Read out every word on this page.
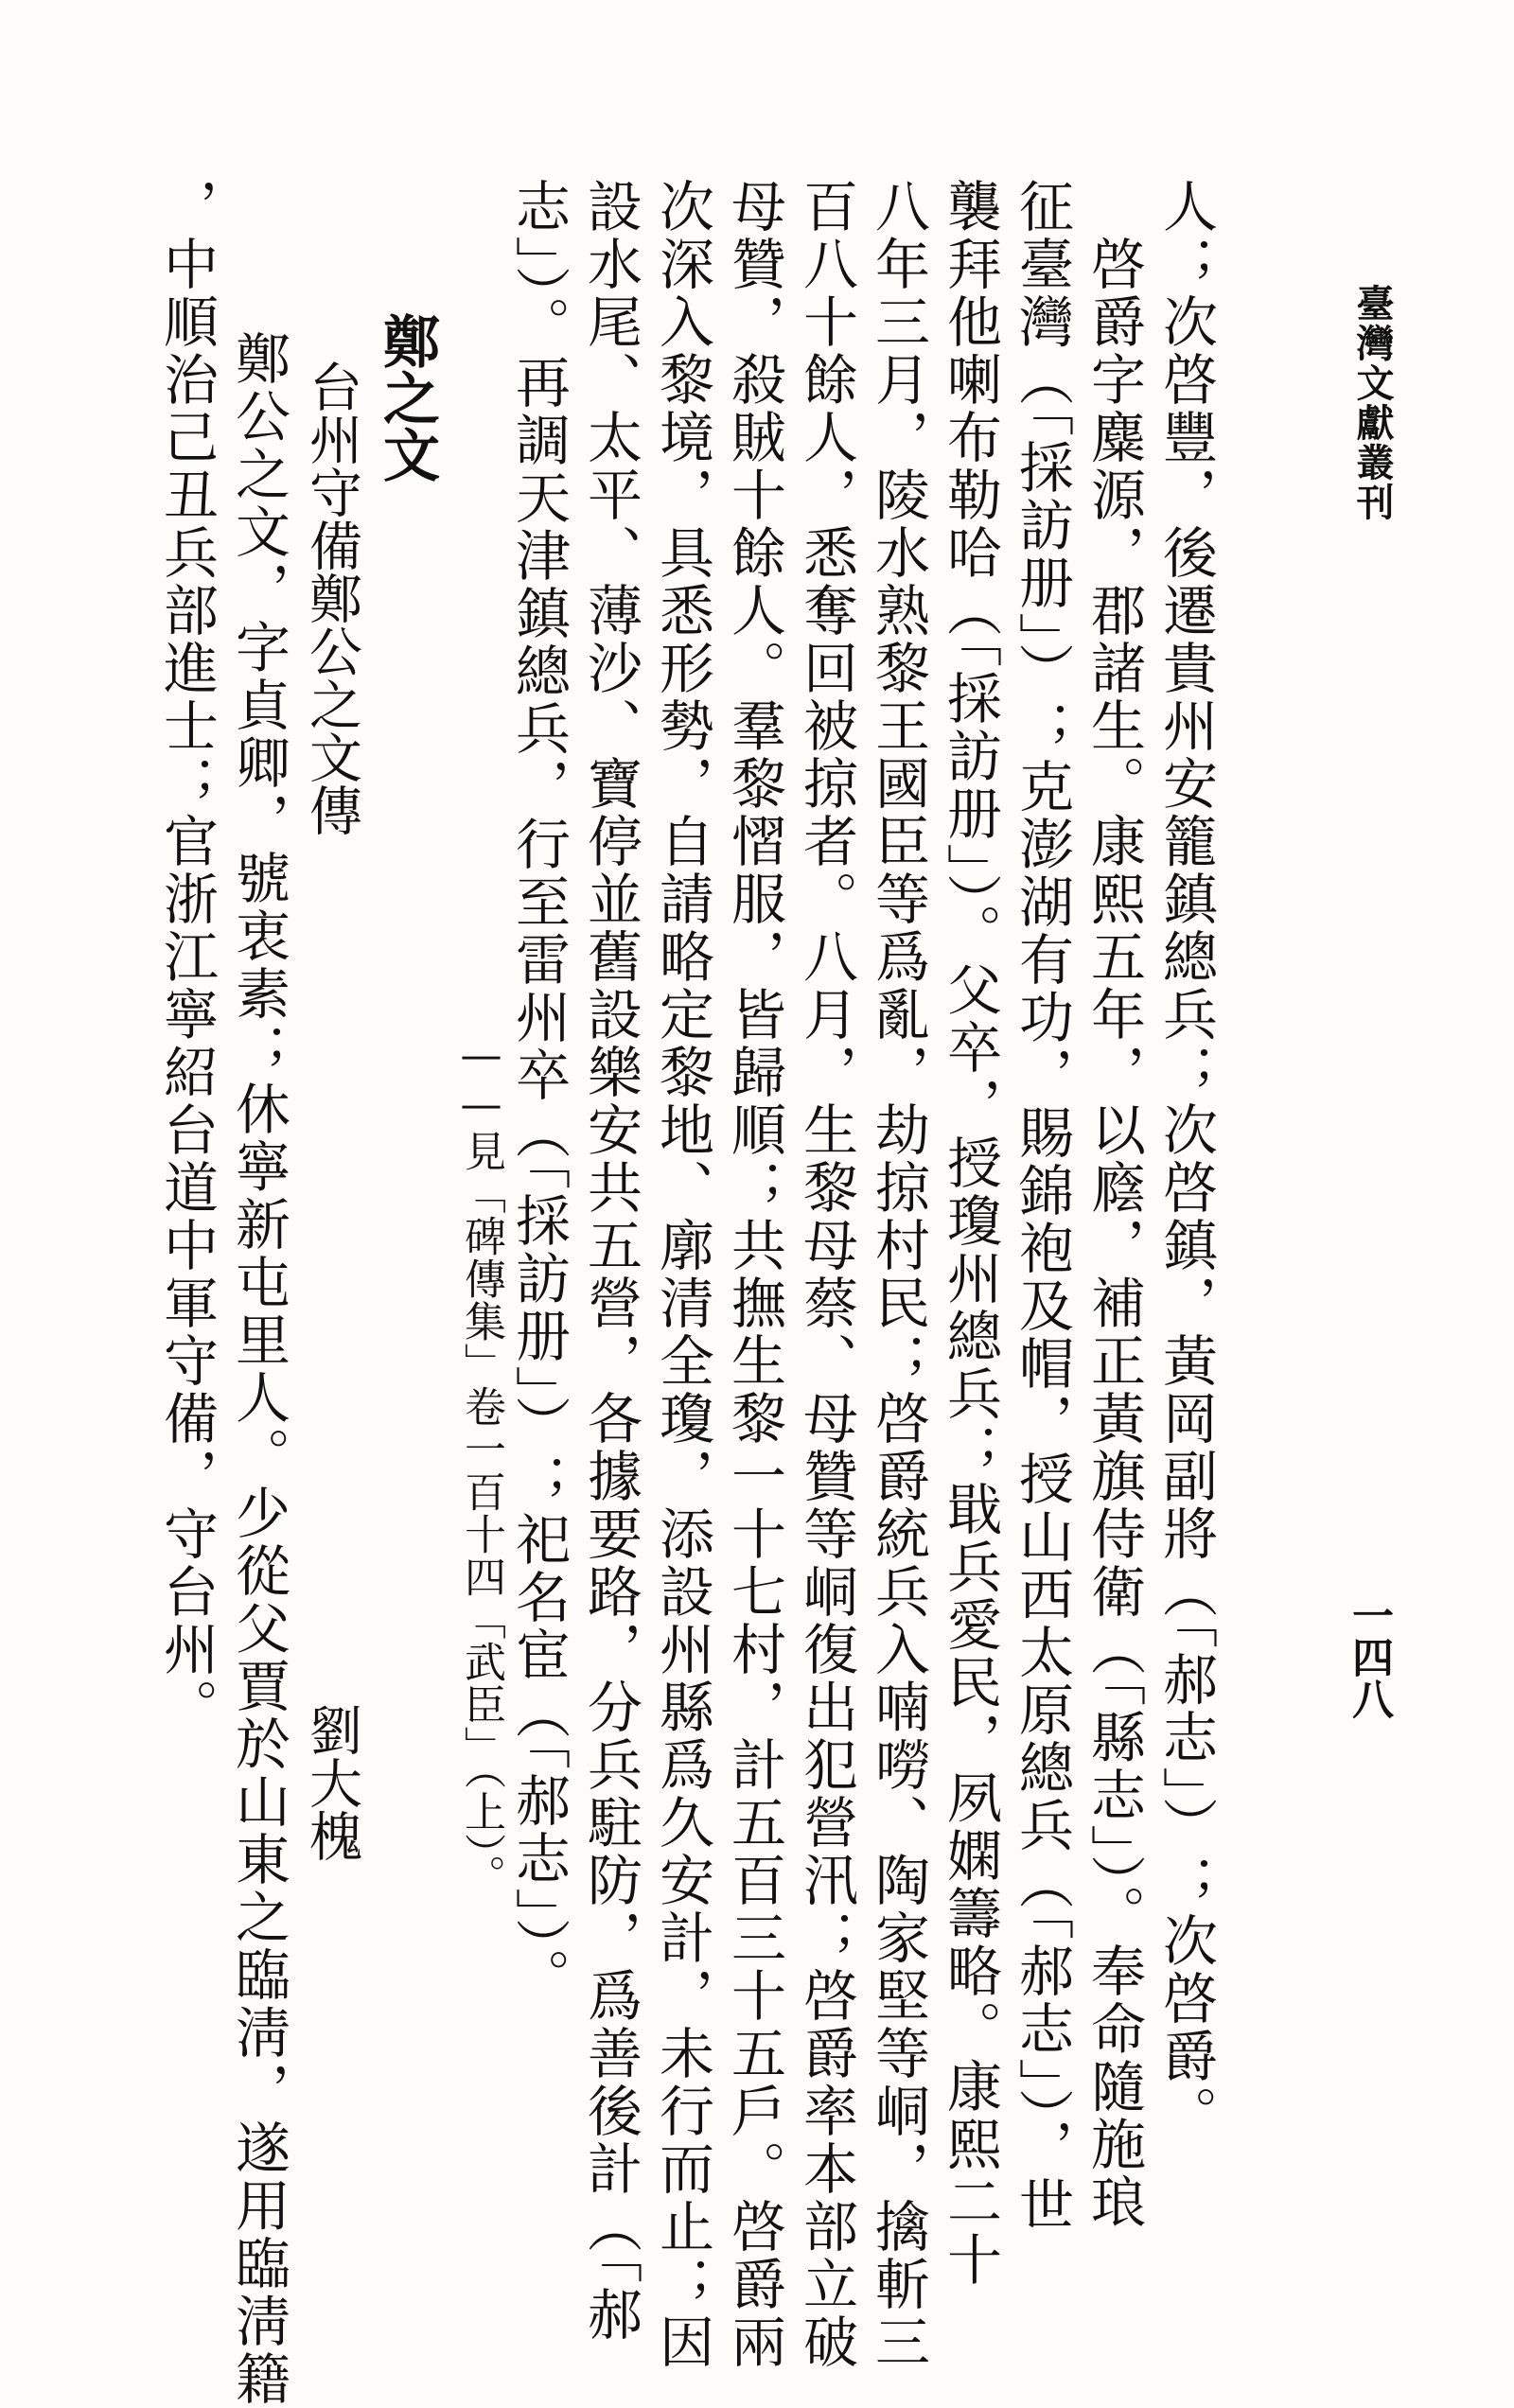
臺灣文獻叢刊
一四八
人；次啓豐，後遷貴州安籠鎮總兵；次啓鎮，黃岡副將（「郝志」）；次啓爵。
　啓爵字麋源，郡諸生。康熙五年，以廕，補正黃旗侍衛（「縣志」）。奉命隨施琅
征臺灣（「採訪册」）；克澎湖有功，賜錦袍及帽，授山西太原總兵（「郝志」），世
襲拜他喇布勒哈（「採訪册」）。父卒，授瓊州總兵；戢兵愛民，夙嫻籌略。康熙二十
八年三月，陵水熟黎王國臣等爲亂，劫掠村民；啓爵統兵入喃嘮、陶家堅等峒，擒斬三
百八十餘人，悉奪回被掠者。八月，生黎母蔡、母贊等峒復出犯營汛；啓爵率本部立破
母贊，殺賊十餘人。羣黎慴服，皆歸順；共撫生黎一十七村，計五百三十五戶。啓爵兩
次深入黎境，具悉形勢，自請略定黎地、廓清全瓊，添設州縣爲久安計，未行而止；因
設水尾、太平、薄沙、寶停並舊設樂安共五營，各據要路，分兵駐防，爲善後計（「郝
志」）。再調天津鎮總兵，行至雷州卒（「採訪册」）；祀名宦（「郝志」）。
——見「碑傳集」卷一百十四「武臣」（上）。
鄭之文
台州守備鄭公之文傳
劉大槐
　鄭公之文，字貞卿，號衷素；休寧新屯里人。少從父賈於山東之臨淸，遂用臨淸籍
，中順治己丑兵部進士；官浙江寧紹台道中軍守備，守台州。
